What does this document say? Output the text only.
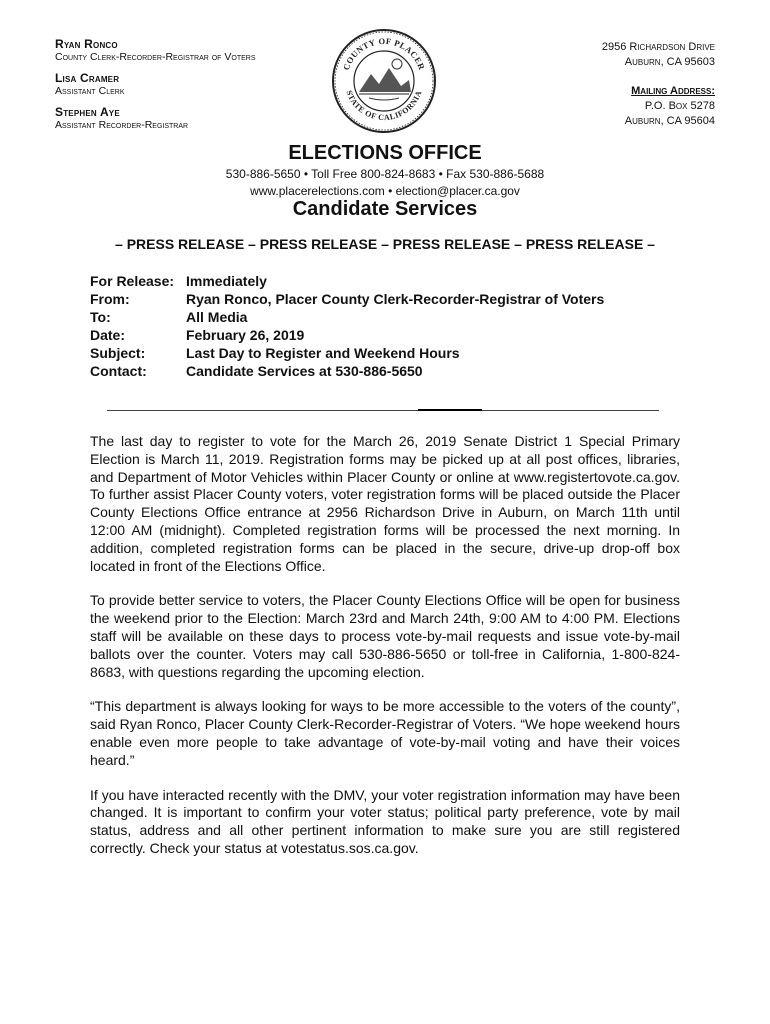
Ryan Ronco
County Clerk-Recorder-Registrar of Voters
Lisa Cramer
Assistant Clerk
Stephen Aye
Assistant Recorder-Registrar
COUNTY OF PLACER
STATE OF CALIFORNIA
2956 Richardson Drive
Auburn, CA 95603
Mailing Address:
P.O. Box 5278
Auburn, CA 95604
ELECTIONS OFFICE
530-886-5650 • Toll Free 800-824-8683 • Fax 530-886-5688
www.placerelections.com • election@placer.ca.gov
Candidate Services
– PRESS RELEASE – PRESS RELEASE – PRESS RELEASE – PRESS RELEASE –
For Release: Immediately
From:	Ryan Ronco, Placer County Clerk-Recorder-Registrar of Voters
To:	All Media
Date:	February 26, 2019
Subject:	Last Day to Register and Weekend Hours
Contact:	Candidate Services at 530-886-5650

The last day to register to vote for the March 26, 2019 Senate District 1 Special Primary Election is March 11, 2019. Registration forms may be picked up at all post offices, libraries, and Department of Motor Vehicles within Placer County or online at www.registertovote.ca.gov. To further assist Placer County voters, voter registration forms will be placed outside the Placer County Elections Office entrance at 2956 Richardson Drive in Auburn, on March 11th until 12:00 AM (midnight). Completed registration forms will be processed the next morning. In addition, completed registration forms can be placed in the secure, drive-up drop-off box located in front of the Elections Office.

To provide better service to voters, the Placer County Elections Office will be open for business the weekend prior to the Election: March 23rd and March 24th, 9:00 AM to 4:00 PM. Elections staff will be available on these days to process vote-by-mail requests and issue vote-by-mail ballots over the counter. Voters may call 530-886-5650 or toll-free in California, 1-800-824-8683, with questions regarding the upcoming election.

“This department is always looking for ways to be more accessible to the voters of the county”, said Ryan Ronco, Placer County Clerk-Recorder-Registrar of Voters. “We hope weekend hours enable even more people to take advantage of vote-by-mail voting and have their voices heard.”

If you have interacted recently with the DMV, your voter registration information may have been changed. It is important to confirm your voter status; political party preference, vote by mail status, address and all other pertinent information to make sure you are still registered correctly. Check your status at votestatus.sos.ca.gov.
